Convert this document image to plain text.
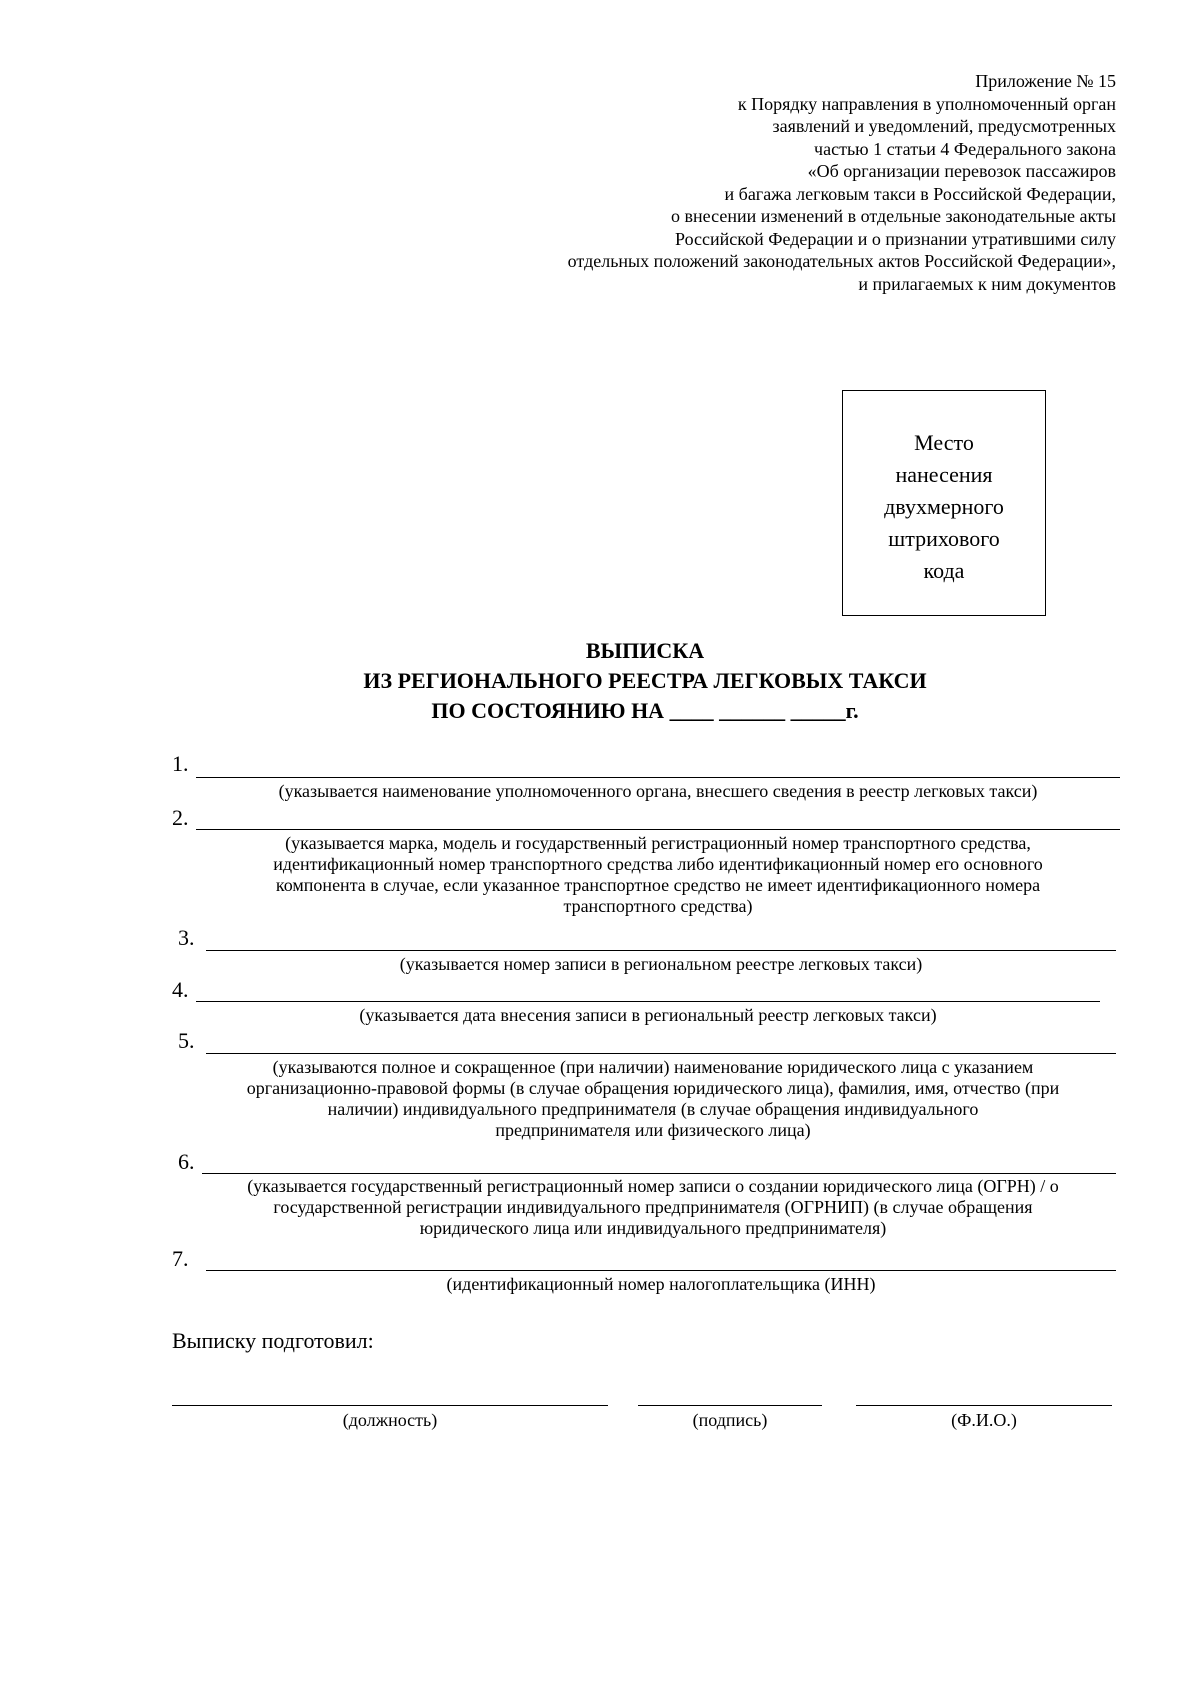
Приложение № 15
к Порядку направления в уполномоченный орган
заявлений и уведомлений, предусмотренных
частью 1 статьи 4 Федерального закона
«Об организации перевозок пассажиров
и багажа легковым такси в Российской Федерации,
о внесении изменений в отдельные законодательные акты
Российской Федерации и о признании утратившими силу
отдельных положений законодательных актов Российской Федерации»,
и прилагаемых к ним документов
Место
нанесения
двухмерного
штрихового
кода
ВЫПИСКА
ИЗ РЕГИОНАЛЬНОГО РЕЕСТРА ЛЕГКОВЫХ ТАКСИ
ПО СОСТОЯНИЮ НА ____ ______ _____г.
1.
(указывается наименование уполномоченного органа, внесшего сведения в реестр легковых такси)
2.
(указывается марка, модель и государственный регистрационный номер транспортного средства,
идентификационный номер транспортного средства либо идентификационный номер его основного
компонента в случае, если указанное транспортное средство не имеет идентификационного номера
транспортного средства)
3.
(указывается номер записи в региональном реестре легковых такси)
4.
(указывается дата внесения записи в региональный реестр легковых такси)
5.
(указываются полное и сокращенное (при наличии) наименование юридического лица с указанием
организационно-правовой формы (в случае обращения юридического лица), фамилия, имя, отчество (при
наличии) индивидуального предпринимателя (в случае обращения индивидуального
предпринимателя или физического лица)
6.
(указывается государственный регистрационный номер записи о создании юридического лица (ОГРН) / о
государственной регистрации индивидуального предпринимателя (ОГРНИП) (в случае обращения
юридического лица или индивидуального предпринимателя)
7.
(идентификационный номер налогоплательщика (ИНН)
Выписку подготовил:
(должность)	(подпись)	(Ф.И.О.)
